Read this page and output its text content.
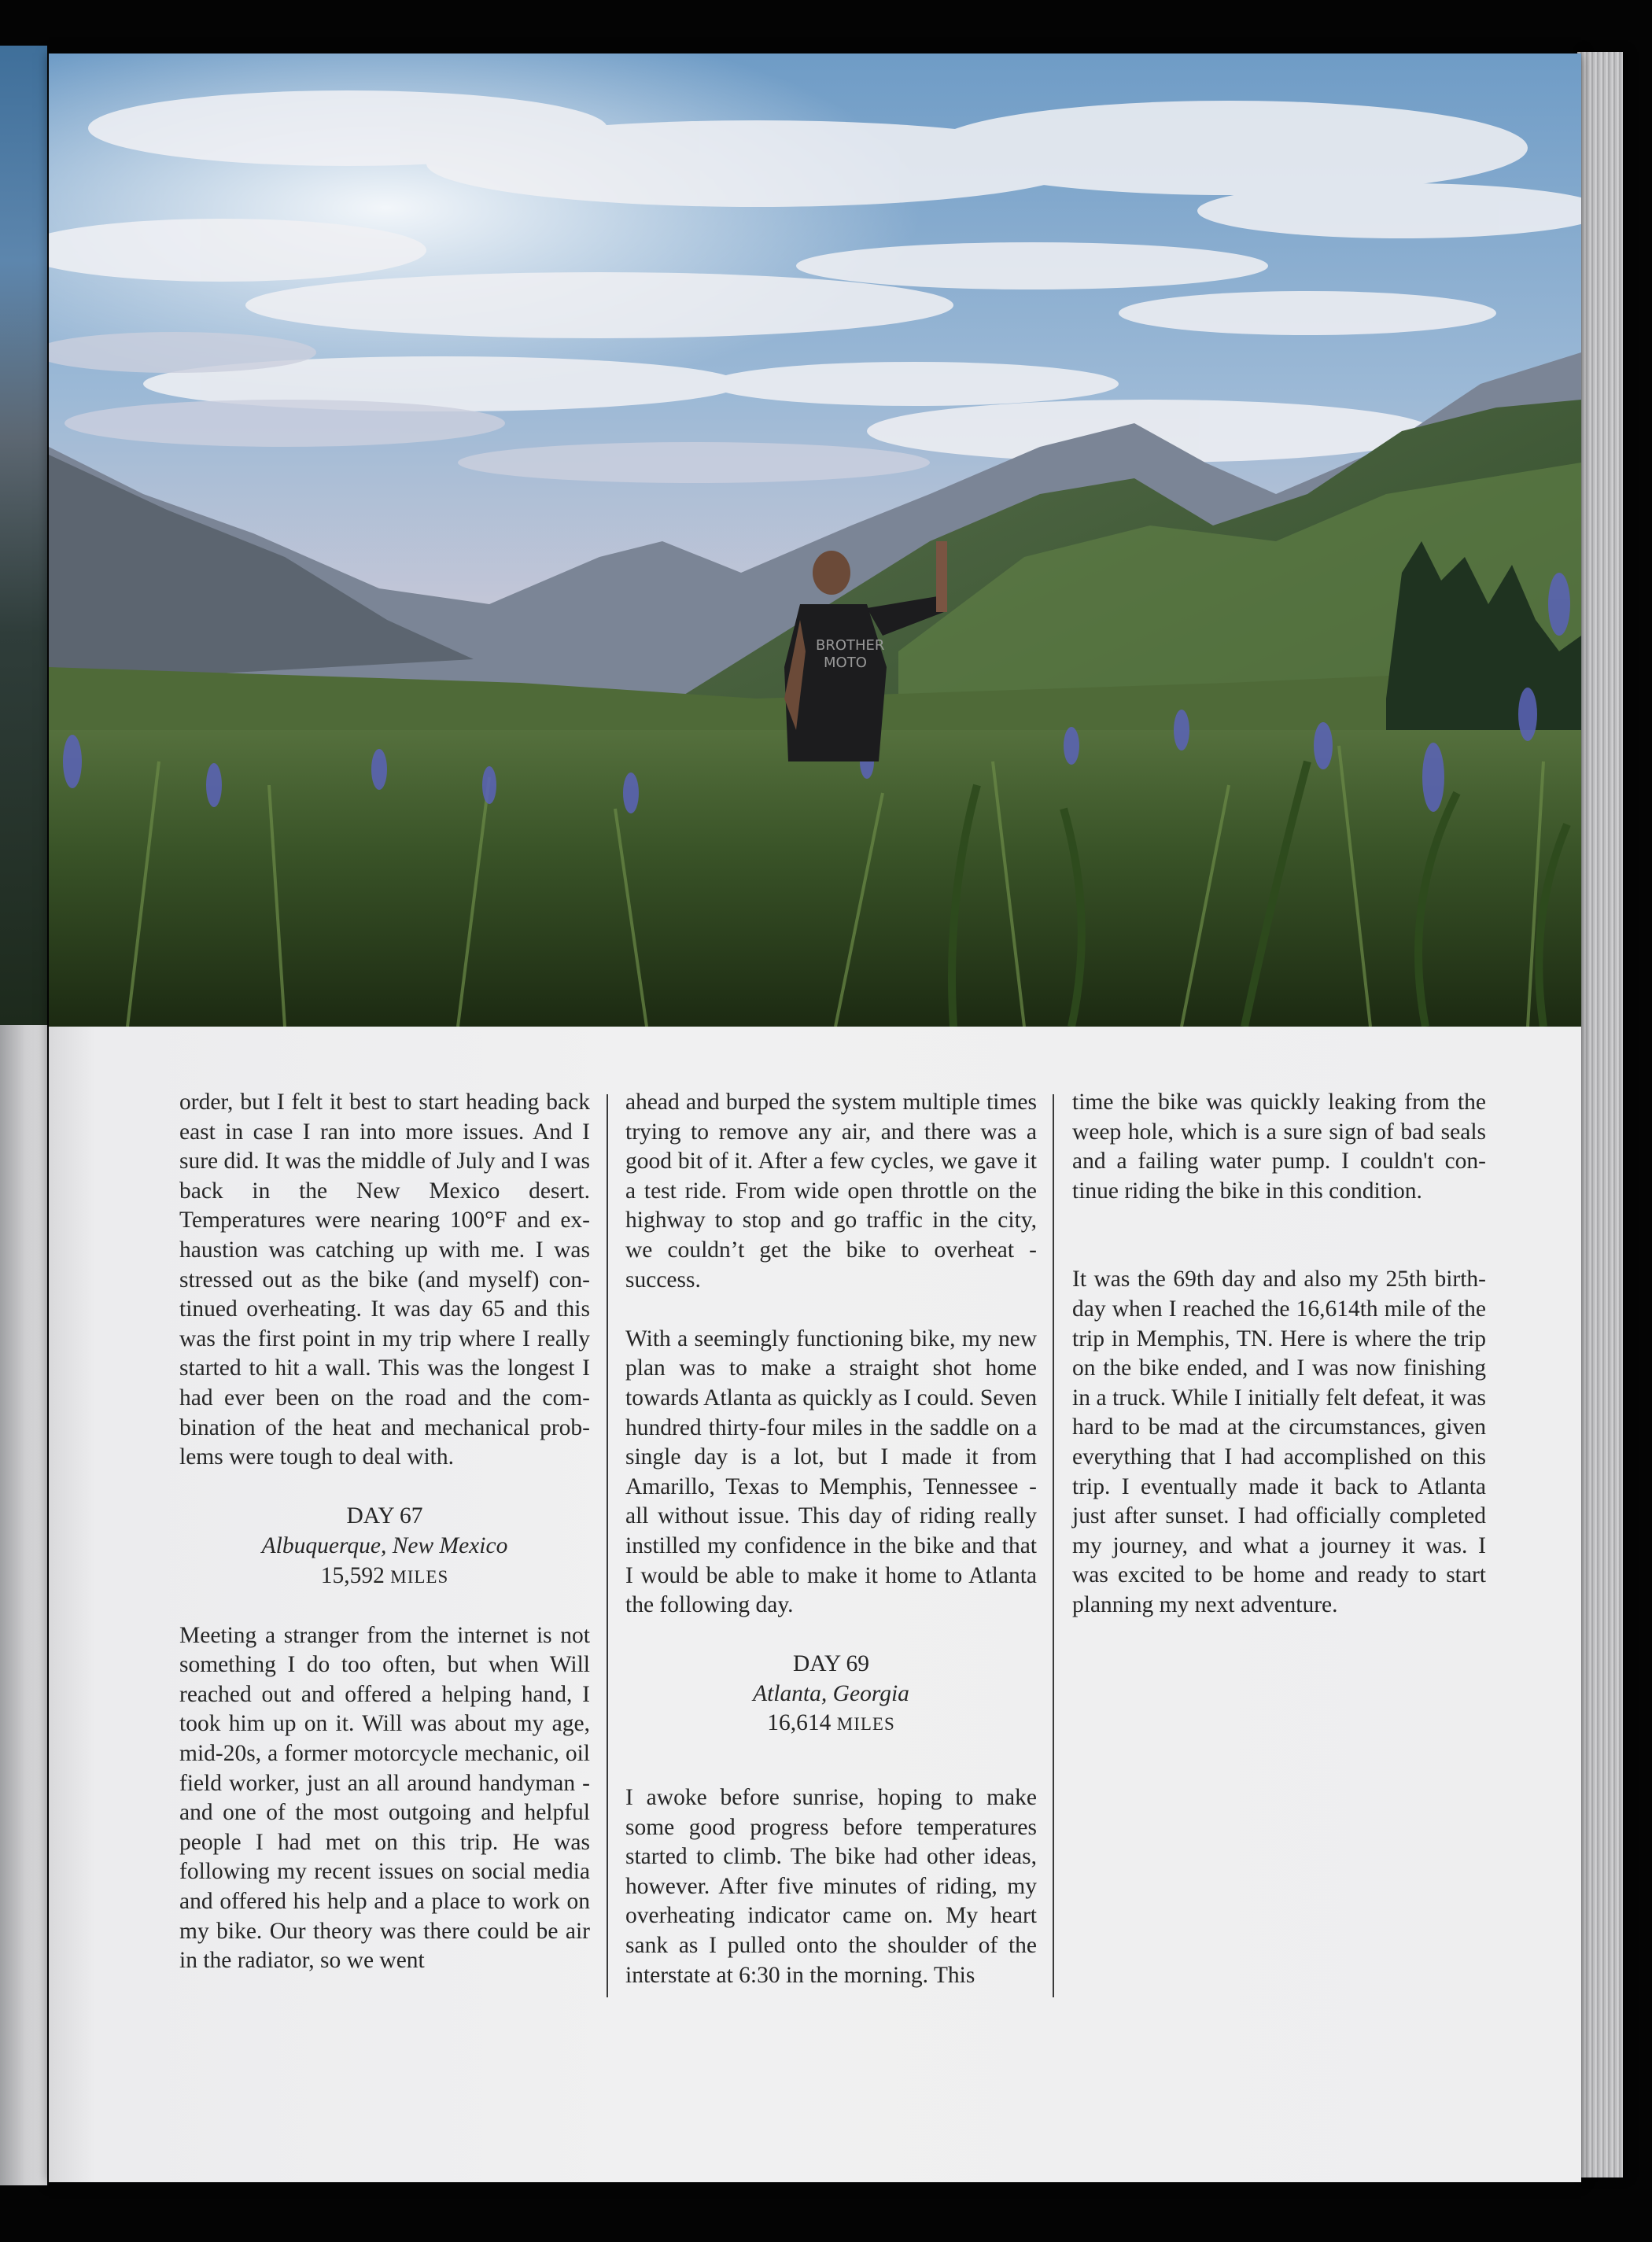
BROTHER
MOTO

order, but I felt it best to start heading back east in case I ran into more issues. And I sure did. It was the middle of July and I was back in the New Mexico desert. Temperatures were nearing 100°F and exhaustion was catching up with me. I was stressed out as the bike (and myself) continued overheating. It was day 65 and this was the first point in my trip where I really started to hit a wall. This was the longest I had ever been on the road and the combination of the heat and mechanical problems were tough to deal with.

DAY 67

Albuquerque, New Mexico

15,592 MILES

Meeting a stranger from the internet is not something I do too often, but when Will reached out and offered a helping hand, I took him up on it. Will was about my age, mid-20s, a former motorcycle mechanic, oil field worker, just an all around handyman - and one of the most outgoing and helpful people I had met on this trip. He was following my recent issues on social media and offered his help and a place to work on my bike. Our theory was there could be air in the radiator, so we went

ahead and burped the system multiple times trying to remove any air, and there was a good bit of it. After a few cycles, we gave it a test ride. From wide open throttle on the highway to stop and go traffic in the city, we couldn’t get the bike to overheat - success.

With a seemingly functioning bike, my new plan was to make a straight shot home towards Atlanta as quickly as I could. Seven hundred thirty-four miles in the saddle on a single day is a lot, but I made it from Amarillo, Texas to Memphis, Tennessee - all without issue. This day of riding really instilled my confidence in the bike and that I would be able to make it home to Atlanta the following day.

DAY 69

Atlanta, Georgia

16,614 MILES

I awoke before sunrise, hoping to make some good progress before temperatures started to climb. The bike had other ideas, however. After five minutes of riding, my overheating indicator came on. My heart sank as I pulled onto the shoulder of the interstate at 6:30 in the morning. This

time the bike was quickly leaking from the weep hole, which is a sure sign of bad seals and a failing water pump. I couldn't continue riding the bike in this condition.

It was the 69th day and also my 25th birthday when I reached the 16,614th mile of the trip in Memphis, TN. Here is where the trip on the bike ended, and I was now finishing in a truck. While I initially felt defeat, it was hard to be mad at the circumstances, given everything that I had accomplished on this trip. I eventually made it back to Atlanta just after sunset. I had officially completed my journey, and what a journey it was. I was excited to be home and ready to start planning my next adventure.
